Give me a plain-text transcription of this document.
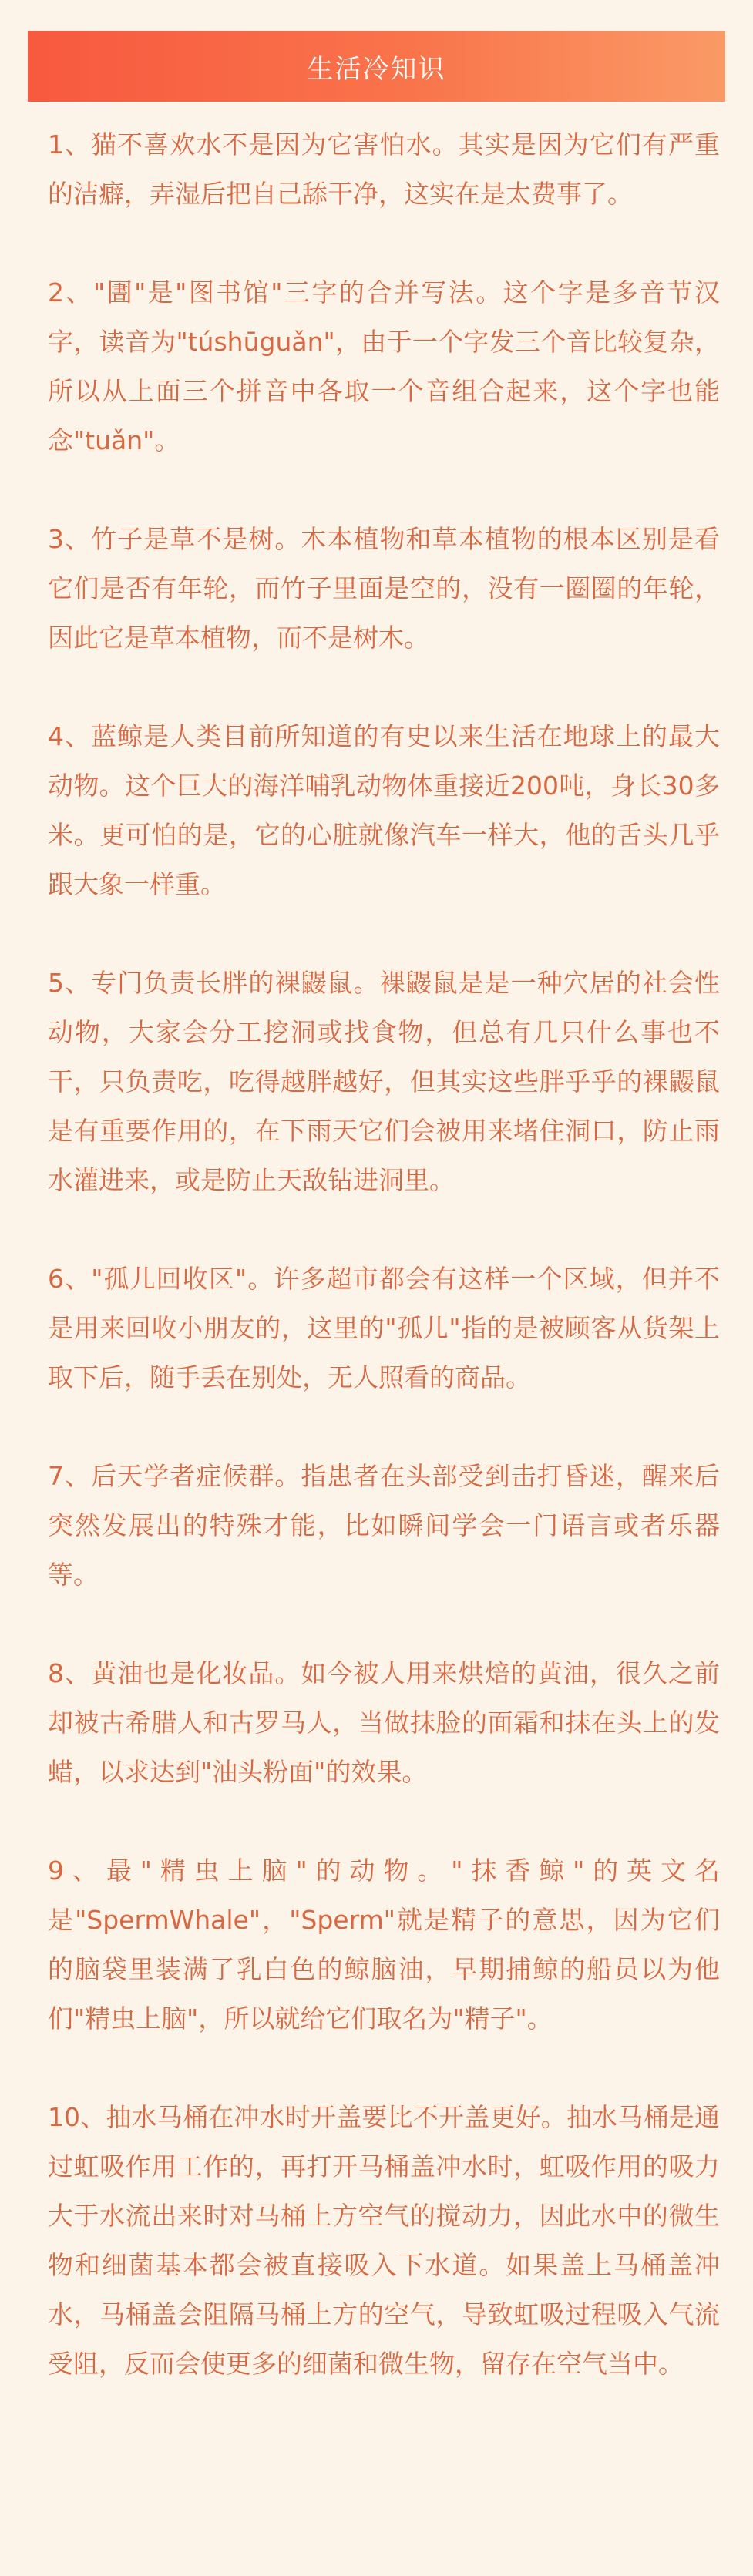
生活冷知识

1、猫不喜欢水不是因为它害怕水。其实是因为它们有严重的洁癖，弄湿后把自己舔干净，这实在是太费事了。

2、"圕"是"图书馆"三字的合并写法。这个字是多音节汉字，读音为"túshūguǎn"，由于一个字发三个音比较复杂，所以从上面三个拼音中各取一个音组合起来，这个字也能念"tuǎn"。

3、竹子是草不是树。木本植物和草本植物的根本区别是看它们是否有年轮，而竹子里面是空的，没有一圈圈的年轮，因此它是草本植物，而不是树木。

4、蓝鲸是人类目前所知道的有史以来生活在地球上的最大动物。这个巨大的海洋哺乳动物体重接近200吨，身长30多米。更可怕的是，它的心脏就像汽车一样大，他的舌头几乎跟大象一样重。

5、专门负责长胖的裸鼹鼠。裸鼹鼠是是一种穴居的社会性动物，大家会分工挖洞或找食物，但总有几只什么事也不干，只负责吃，吃得越胖越好，但其实这些胖乎乎的裸鼹鼠是有重要作用的，在下雨天它们会被用来堵住洞口，防止雨水灌进来，或是防止天敌钻进洞里。

6、"孤儿回收区"。许多超市都会有这样一个区域，但并不是用来回收小朋友的，这里的"孤儿"指的是被顾客从货架上取下后，随手丢在别处，无人照看的商品。

7、后天学者症候群。指患者在头部受到击打昏迷，醒来后突然发展出的特殊才能，比如瞬间学会一门语言或者乐器等。

8、黄油也是化妆品。如今被人用来烘焙的黄油，很久之前却被古希腊人和古罗马人，当做抹脸的面霜和抹在头上的发蜡，以求达到"油头粉面"的效果。

9、最"精虫上脑"的动物。"抹香鲸"的英文名是"SpermWhale"，"Sperm"就是精子的意思，因为它们的脑袋里装满了乳白色的鲸脑油，早期捕鲸的船员以为他们"精虫上脑"，所以就给它们取名为"精子"。

10、抽水马桶在冲水时开盖要比不开盖更好。抽水马桶是通过虹吸作用工作的，再打开马桶盖冲水时，虹吸作用的吸力大于水流出来时对马桶上方空气的搅动力，因此水中的微生物和细菌基本都会被直接吸入下水道。如果盖上马桶盖冲水，马桶盖会阻隔马桶上方的空气，导致虹吸过程吸入气流受阻，反而会使更多的细菌和微生物，留存在空气当中。
